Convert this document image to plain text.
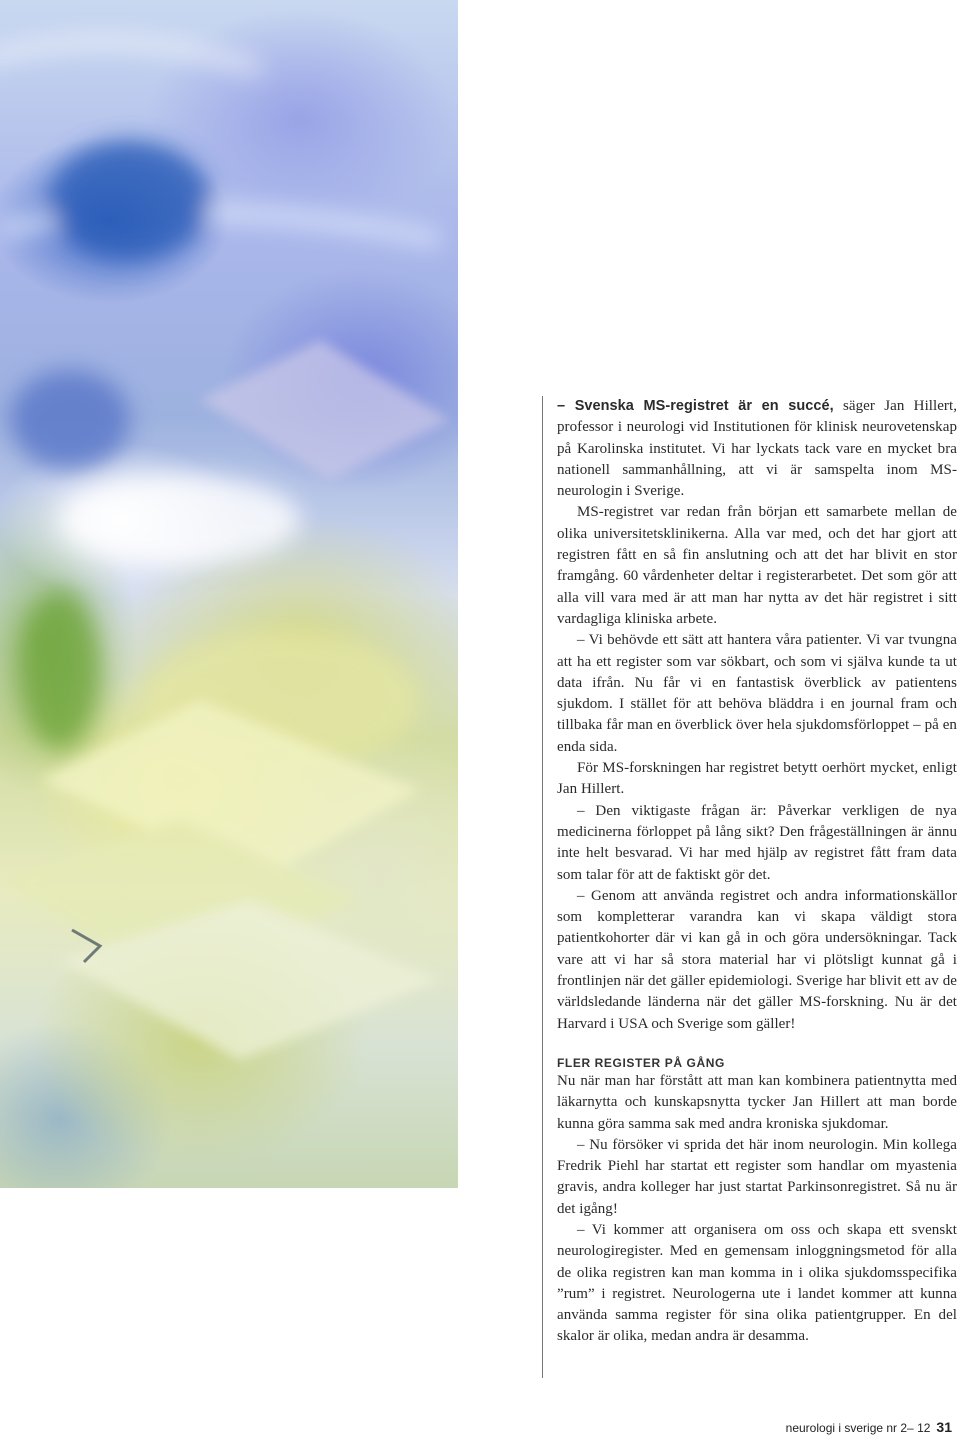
– Svenska MS-registret är en succé, säger Jan Hillert, professor i neurologi vid Institutionen för klinisk neurovetenskap på Karolinska institutet. Vi har lyckats tack vare en mycket bra nationell sammanhållning, att vi är samspelta inom MS-neurologin i Sverige.

MS-registret var redan från början ett samarbete mellan de olika universitetsklinikerna. Alla var med, och det har gjort att registren fått en så fin anslutning och att det har blivit en stor framgång. 60 vårdenheter deltar i registerarbetet. Det som gör att alla vill vara med är att man har nytta av det här registret i sitt vardagliga kliniska arbete.

– Vi behövde ett sätt att hantera våra patienter. Vi var tvungna att ha ett register som var sökbart, och som vi själva kunde ta ut data ifrån. Nu får vi en fantastisk överblick av patientens sjukdom. I stället för att behöva bläddra i en journal fram och tillbaka får man en överblick över hela sjukdomsförloppet – på en enda sida.

För MS-forskningen har registret betytt oerhört mycket, enligt Jan Hillert.

– Den viktigaste frågan är: Påverkar verkligen de nya medicinerna förloppet på lång sikt? Den frågeställningen är ännu inte helt besvarad. Vi har med hjälp av registret fått fram data som talar för att de faktiskt gör det.

– Genom att använda registret och andra informationskällor som kompletterar varandra kan vi skapa väldigt stora patientkohorter där vi kan gå in och göra undersökningar. Tack vare att vi har så stora material har vi plötsligt kunnat gå i frontlinjen när det gäller epidemiologi. Sverige har blivit ett av de världsledande länderna när det gäller MS-forskning. Nu är det Harvard i USA och Sverige som gäller!

FLER REGISTER PÅ GÅNG

Nu när man har förstått att man kan kombinera patientnytta med läkarnytta och kunskapsnytta tycker Jan Hillert att man borde kunna göra samma sak med andra kroniska sjukdomar.

– Nu försöker vi sprida det här inom neurologin. Min kollega Fredrik Piehl har startat ett register som handlar om myastenia gravis, andra kolleger har just startat Parkinsonregistret. Så nu är det igång!

– Vi kommer att organisera om oss och skapa ett svenskt neurologiregister. Med en gemensam inloggningsmetod för alla de olika registren kan man komma in i olika sjukdomsspecifika ”rum” i registret. Neurologerna ute i landet kommer att kunna använda samma register för sina olika patientgrupper. En del skalor är olika, medan andra är desamma.

neurologi i sverige nr 2– 12 31
